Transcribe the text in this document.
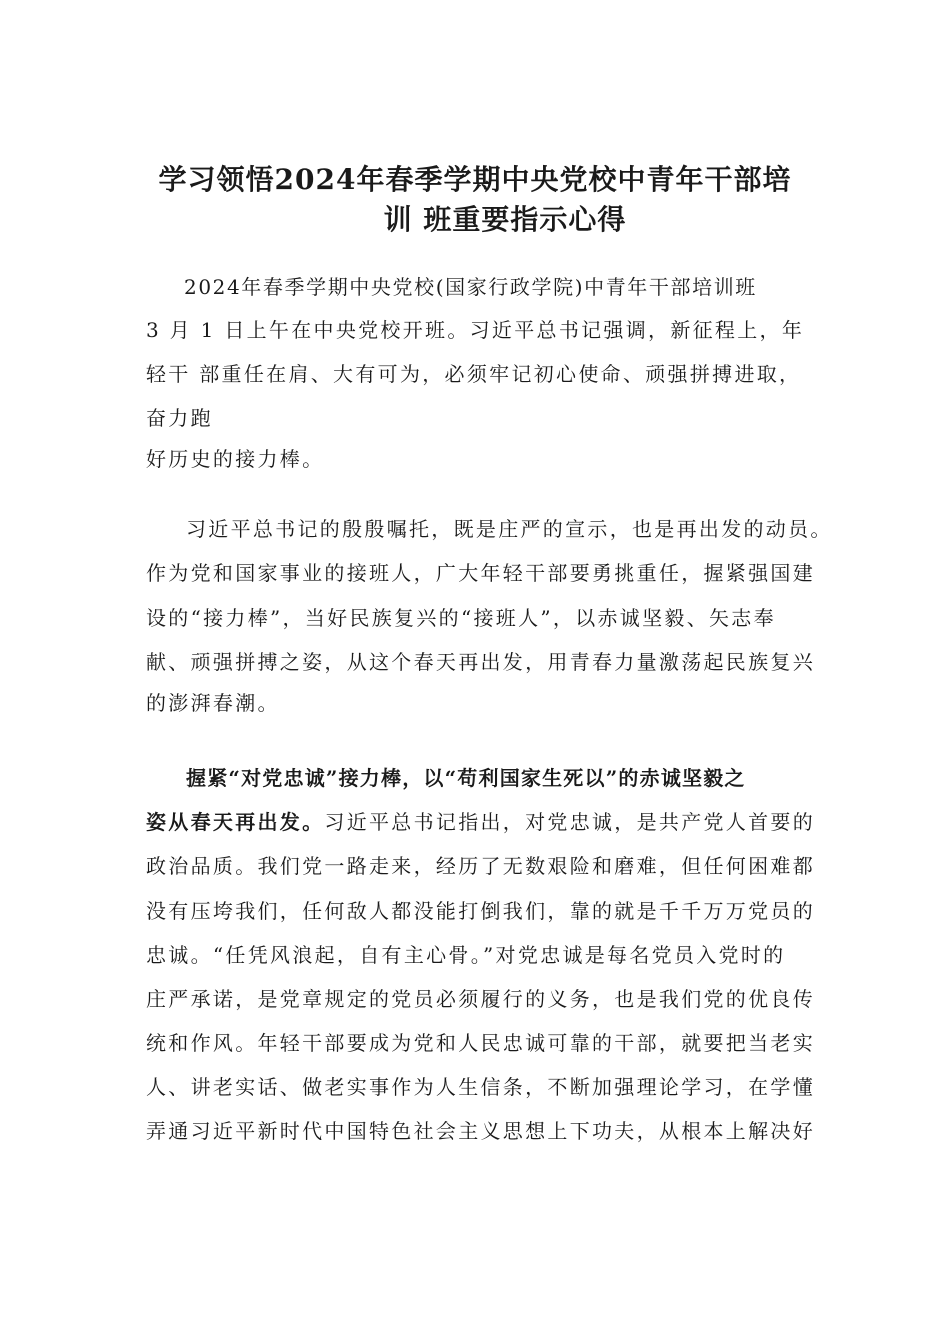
学习领悟2024年春季学期中央党校中青年干部培
训 班重要指示心得
2024年春季学期中央党校(国家行政学院)中青年干部培训班
3 月 1 日上午在中央党校开班。习近平总书记强调，新征程上，年
轻干 部重任在肩、大有可为，必须牢记初心使命、顽强拼搏进取，
奋力跑
好历史的接力棒。
习近平总书记的殷殷嘱托，既是庄严的宣示，也是再出发的动员。
作为党和国家事业的接班人，广大年轻干部要勇挑重任，握紧强国建
设的“接力棒”，当好民族复兴的“接班人”，以赤诚坚毅、矢志奉
献、顽强拼搏之姿，从这个春天再出发，用青春力量激荡起民族复兴
的澎湃春潮。
握紧“对党忠诚”接力棒，以“苟利国家生死以”的赤诚坚毅之
姿从春天再出发。习近平总书记指出，对党忠诚，是共产党人首要的
政治品质。我们党一路走来，经历了无数艰险和磨难，但任何困难都
没有压垮我们，任何敌人都没能打倒我们，靠的就是千千万万党员的
忠诚。“任凭风浪起，自有主心骨。”对党忠诚是每名党员入党时的
庄严承诺，是党章规定的党员必须履行的义务，也是我们党的优良传
统和作风。年轻干部要成为党和人民忠诚可靠的干部，就要把当老实
人、讲老实话、做老实事作为人生信条，不断加强理论学习，在学懂
弄通习近平新时代中国特色社会主义思想上下功夫，从根本上解决好
